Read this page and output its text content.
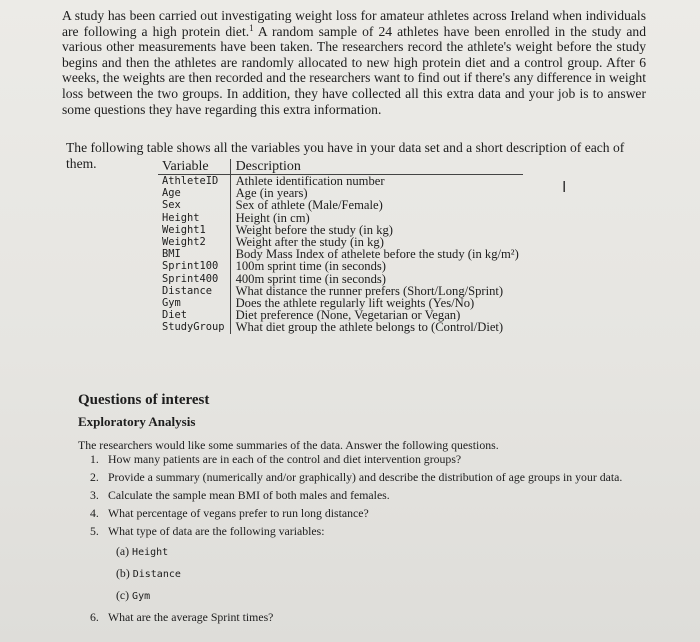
A study has been carried out investigating weight loss for amateur athletes across Ireland when individuals are following a high protein diet.$^1$ A random sample of 24 athletes have been enrolled in the study and various other measurements have been taken. The researchers record the athlete's weight before the study begins and then the athletes are randomly allocated to new high protein diet and a control group. After 6 weeks, the weights are then recorded and the researchers want to find out if there's any difference in weight loss between the two groups. In addition, they have collected all this extra data and your job is to answer some questions they have regarding this extra information.
The following table shows all the variables you have in your data set and a short description of each of them.	Variable	Description
AthleteID	Athlete identification number
Age	Age (in years)
Sex	Sex of athlete (Male/Female)
Height	Height (in cm)
Weight1	Weight before the study (in kg)
Weight2	Weight after the study (in kg)
BMI	Body Mass Index of athelete before the study (in kg/m²)
Sprint100	100m sprint time (in seconds)
Sprint400	400m sprint time (in seconds)
Distance	What distance the runner prefers (Short/Long/Sprint)
Gym	Does the athlete regularly lift weights (Yes/No)
Diet	Diet preference (None, Vegetarian or Vegan)
StudyGroup	What diet group the athlete belongs to (Control/Diet)
I
Questions of interest
Exploratory Analysis
The researchers would like some summaries of the data. Answer the following questions.
1. How many patients are in each of the control and diet intervention groups?
2. Provide a summary (numerically and/or graphically) and describe the distribution of age groups in your data.
3. Calculate the sample mean BMI of both males and females.
4. What percentage of vegans prefer to run long distance?
5. What type of data are the following variables:
(a) Height
(b) Distance
(c) Gym
6. What are the average Sprint times?
